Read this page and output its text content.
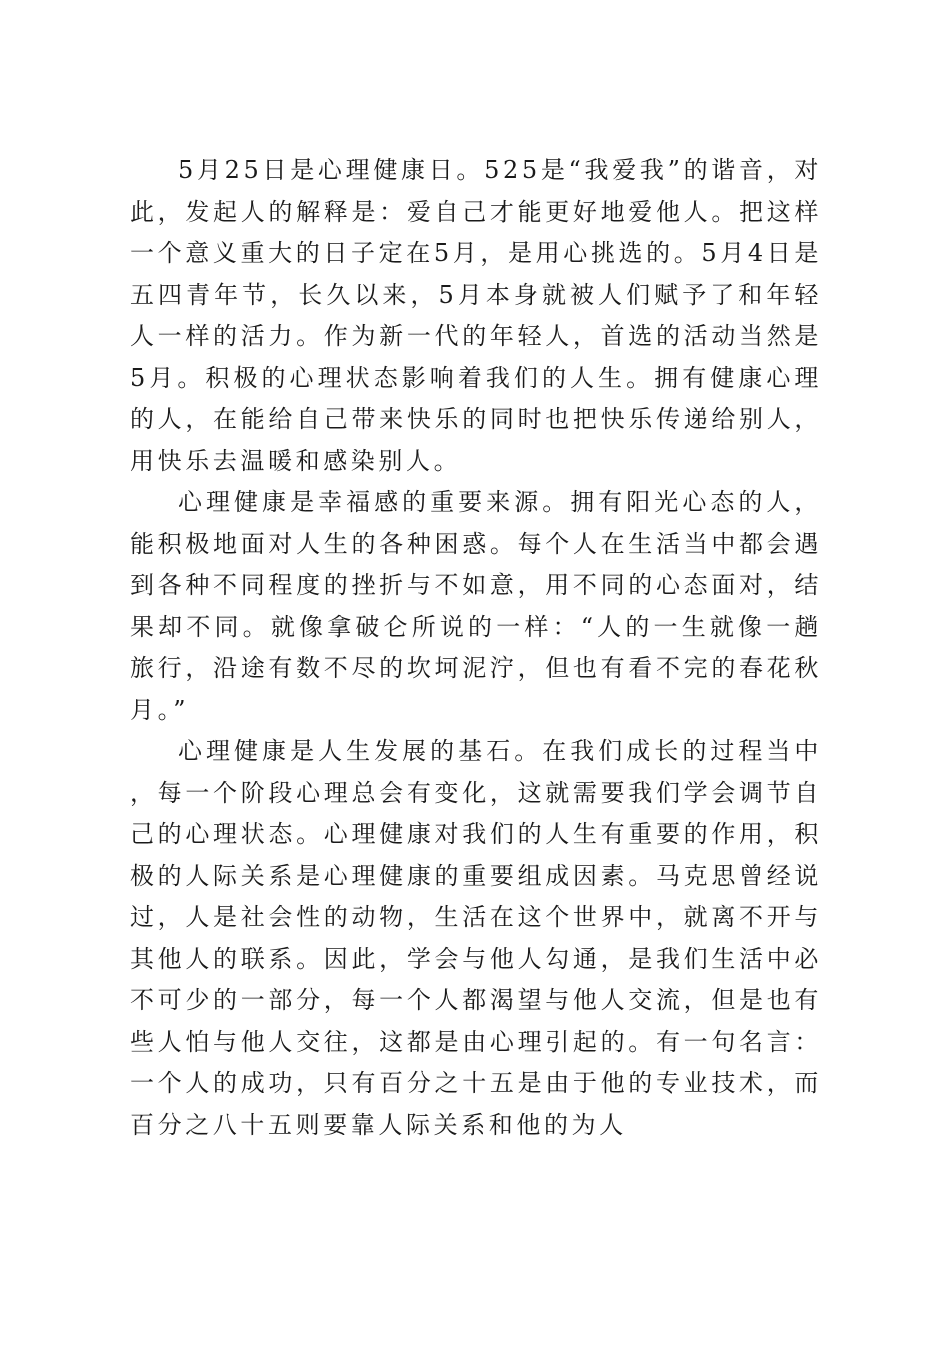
5月25日是心理健康日。525是“我爱我”的谐音，对此，发起人的解释是：爱自己才能更好地爱他人。把这样一个意义重大的日子定在5月，是用心挑选的。5月4日是五四青年节，长久以来，5月本身就被人们赋予了和年轻人一样的活力。作为新一代的年轻人，首选的活动当然是5月。积极的心理状态影响着我们的人生。拥有健康心理的人，在能给自己带来快乐的同时也把快乐传递给别人，用快乐去温暖和感染别人。

心理健康是幸福感的重要来源。拥有阳光心态的人，能积极地面对人生的各种困惑。每个人在生活当中都会遇到各种不同程度的挫折与不如意，用不同的心态面对，结果却不同。就像拿破仑所说的一样：“人的一生就像一趟旅行，沿途有数不尽的坎坷泥泞，但也有看不完的春花秋月。”

心理健康是人生发展的基石。在我们成长的过程当中，每一个阶段心理总会有变化，这就需要我们学会调节自己的心理状态。心理健康对我们的人生有重要的作用，积极的人际关系是心理健康的重要组成因素。马克思曾经说过，人是社会性的动物，生活在这个世界中，就离不开与其他人的联系。因此，学会与他人勾通，是我们生活中必不可少的一部分，每一个人都渴望与他人交流，但是也有些人怕与他人交往，这都是由心理引起的。有一句名言：一个人的成功，只有百分之十五是由于他的专业技术，而百分之八十五则要靠人际关系和他的为人
